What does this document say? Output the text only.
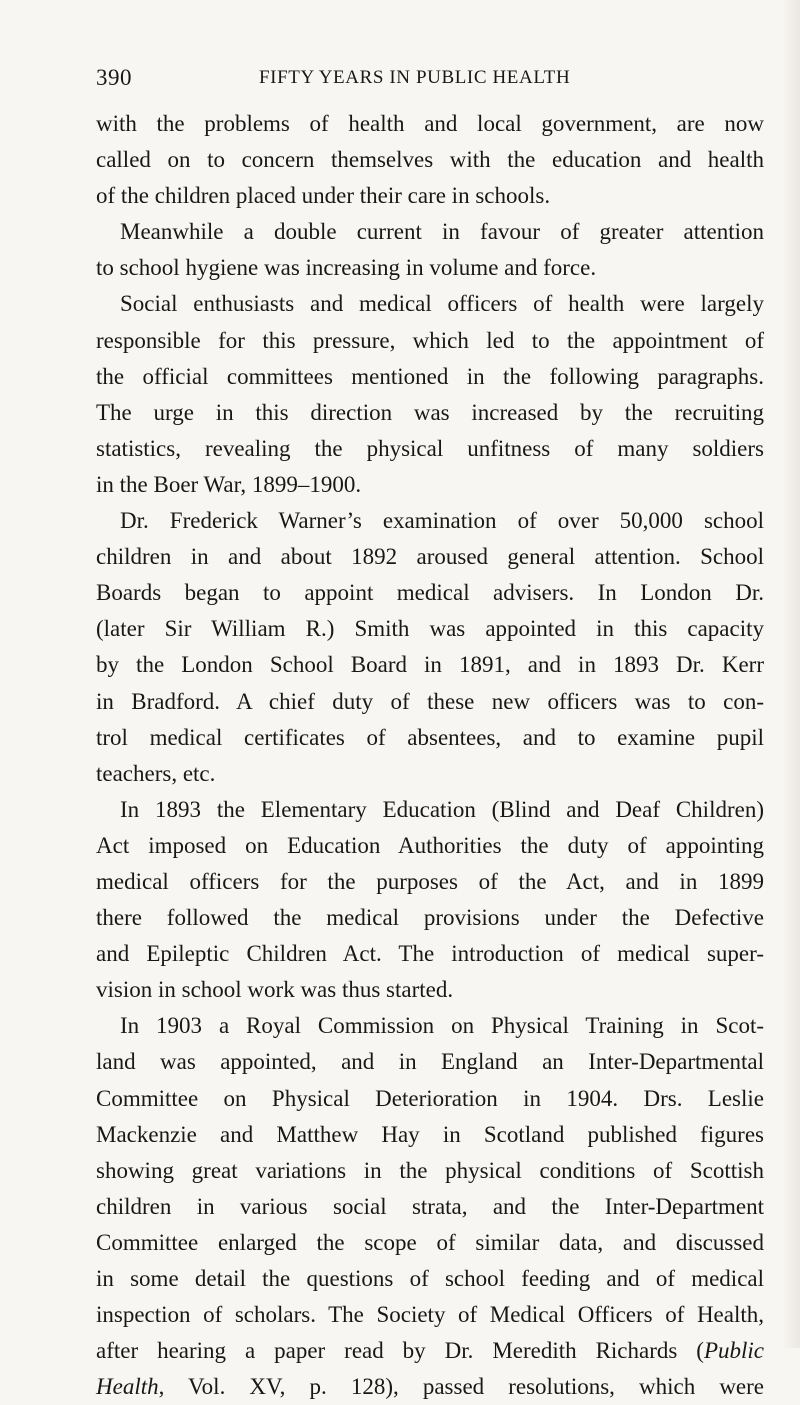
390	FIFTY YEARS IN PUBLIC HEALTH
with the problems of health and local government, are now
called on to concern themselves with the education and health
of the children placed under their care in schools.
Meanwhile a double current in favour of greater attention
to school hygiene was increasing in volume and force.
Social enthusiasts and medical officers of health were largely
responsible for this pressure, which led to the appointment of
the official committees mentioned in the following paragraphs.
The urge in this direction was increased by the recruiting
statistics, revealing the physical unfitness of many soldiers
in the Boer War, 1899–1900.
Dr. Frederick Warner’s examination of over 50,000 school
children in and about 1892 aroused general attention. School
Boards began to appoint medical advisers. In London Dr.
(later Sir William R.) Smith was appointed in this capacity
by the London School Board in 1891, and in 1893 Dr. Kerr
in Bradford. A chief duty of these new officers was to con-
trol medical certificates of absentees, and to examine pupil
teachers, etc.
In 1893 the Elementary Education (Blind and Deaf Children)
Act imposed on Education Authorities the duty of appointing
medical officers for the purposes of the Act, and in 1899
there followed the medical provisions under the Defective
and Epileptic Children Act. The introduction of medical super-
vision in school work was thus started.
In 1903 a Royal Commission on Physical Training in Scot-
land was appointed, and in England an Inter-Departmental
Committee on Physical Deterioration in 1904. Drs. Leslie
Mackenzie and Matthew Hay in Scotland published figures
showing great variations in the physical conditions of Scottish
children in various social strata, and the Inter-Department
Committee enlarged the scope of similar data, and discussed
in some detail the questions of school feeding and of medical
inspection of scholars. The Society of Medical Officers of Health,
after hearing a paper read by Dr. Meredith Richards (Public
Health, Vol. XV, p. 128), passed resolutions, which were
